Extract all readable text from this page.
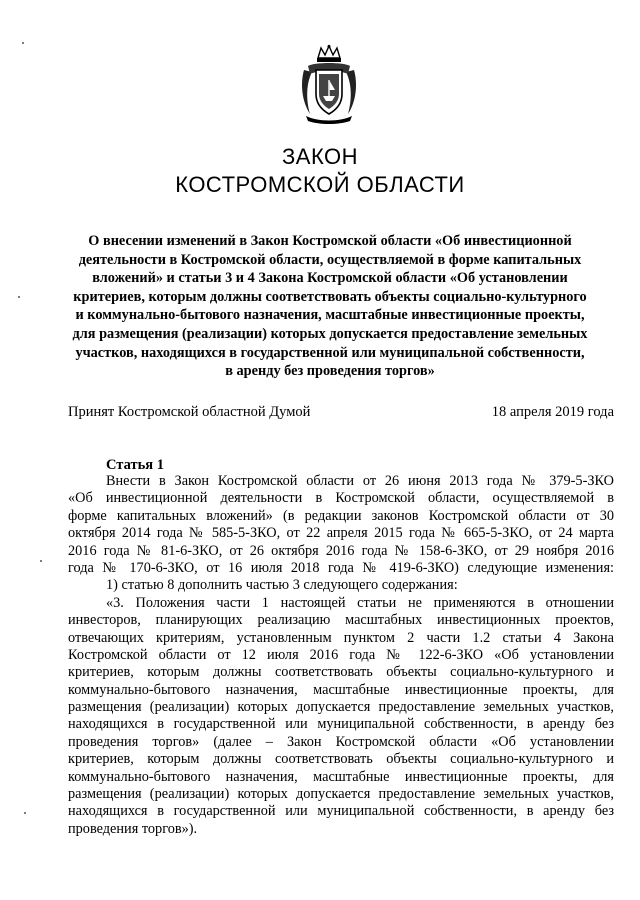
ЗАКОН
КОСТРОМСКОЙ ОБЛАСТИ
О внесении изменений в Закон Костромской области «Об инвестиционной
деятельности в Костромской области, осуществляемой в форме капитальных
вложений» и статьи 3 и 4 Закона Костромской области «Об установлении
критериев, которым должны соответствовать объекты социально-культурного
и коммунально-бытового назначения, масштабные инвестиционные проекты,
для размещения (реализации) которых допускается предоставление земельных
участков, находящихся в государственной или муниципальной собственности,
в аренду без проведения торгов»
Принят Костромской областной Думой	18 апреля 2019 года
Статья 1
Внести в Закон Костромской области от 26 июня 2013 года № 379-5-ЗКО
«Об инвестиционной деятельности в Костромской области, осуществляемой в
форме капитальных вложений» (в редакции законов Костромской области от 30
октября 2014 года № 585-5-ЗКО, от 22 апреля 2015 года № 665-5-ЗКО, от 24 марта
2016 года № 81-6-ЗКО, от 26 октября 2016 года № 158-6-ЗКО, от 29 ноября 2016
года № 170-6-ЗКО, от 16 июля 2018 года № 419-6-ЗКО) следующие изменения:
1) статью 8 дополнить частью 3 следующего содержания:
«3. Положения части 1 настоящей статьи не применяются в отношении
инвесторов, планирующих реализацию масштабных инвестиционных проектов,
отвечающих критериям, установленным пунктом 2 части 1.2 статьи 4 Закона
Костромской области от 12 июля 2016 года № 122-6-ЗКО «Об установлении
критериев, которым должны соответствовать объекты социально-культурного и
коммунально-бытового назначения, масштабные инвестиционные проекты, для
размещения (реализации) которых допускается предоставление земельных участков,
находящихся в государственной или муниципальной собственности, в аренду без
проведения торгов» (далее – Закон Костромской области «Об установлении
критериев, которым должны соответствовать объекты социально-культурного и
коммунально-бытового назначения, масштабные инвестиционные проекты, для
размещения (реализации) которых допускается предоставление земельных участков,
находящихся в государственной или муниципальной собственности, в аренду без
проведения торгов»).
